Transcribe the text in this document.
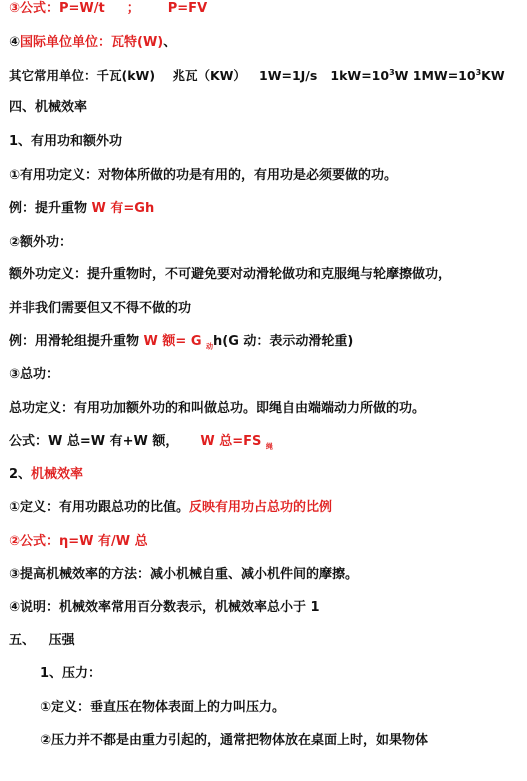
③公式：P=W/t ； P=FV
④国际单位单位：瓦特(W)、
其它常用单位：千瓦(kW) 兆瓦（KW） 1W=1J/s $1kW=10^3W$ $1MW=10^3KW$
四、机械效率
1、有用功和额外功
①有用功定义：对物体所做的功是有用的，有用功是必须要做的功。
例：提升重物 W 有=Gh
②额外功：
额外功定义：提升重物时，不可避免要对动滑轮做功和克服绳与轮摩擦做功，
并非我们需要但又不得不做的功
例：用滑轮组提升重物 W 额= G $_动$h(G 动：表示动滑轮重)
③总功：
总功定义：有用功加额外功的和叫做总功。即绳自由端端动力所做的功。
公式：W 总=W 有+W 额， W 总=FS $_绳$
2、机械效率
①定义：有用功跟总功的比值。反映有用功占总功的比例
②公式：η=W 有/W 总
③提高机械效率的方法：减小机械自重、减小机件间的摩擦。
④说明：机械效率常用百分数表示，机械效率总小于 1
五、 压强
1、压力：
①定义：垂直压在物体表面上的力叫压力。
②压力并不都是由重力引起的，通常把物体放在桌面上时，如果物体
